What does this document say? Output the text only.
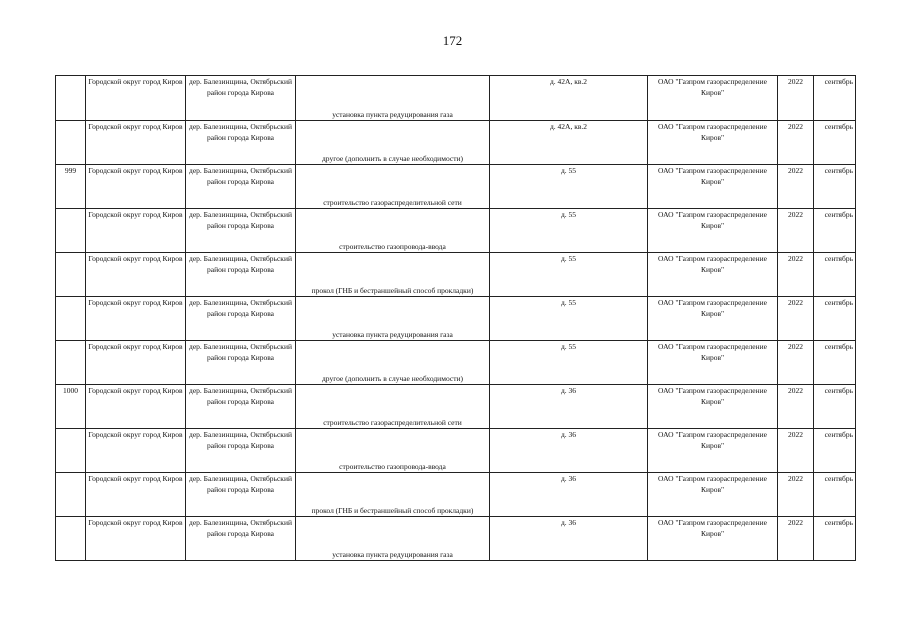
172
	Городской округ город Киров	дер. Балезинщина, Октябрьский район города Кирова	установка пункта редуцирования газа	д. 42А, кв.2	ОАО "Газпром газораспределение Киров"	2022	сентябрь
	Городской округ город Киров	дер. Балезинщина, Октябрьский район города Кирова	другое (дополнить в случае необходимости)	д. 42А, кв.2	ОАО "Газпром газораспределение Киров"	2022	сентябрь
999	Городской округ город Киров	дер. Балезинщина, Октябрьский район города Кирова	строительство газораспределительной сети	д. 55	ОАО "Газпром газораспределение Киров"	2022	сентябрь
	Городской округ город Киров	дер. Балезинщина, Октябрьский район города Кирова	строительство газопровода-ввода	д. 55	ОАО "Газпром газораспределение Киров"	2022	сентябрь
	Городской округ город Киров	дер. Балезинщина, Октябрьский район города Кирова	прокол (ГНБ и бестраншейный способ прокладки)	д. 55	ОАО "Газпром газораспределение Киров"	2022	сентябрь
	Городской округ город Киров	дер. Балезинщина, Октябрьский район города Кирова	установка пункта редуцирования газа	д. 55	ОАО "Газпром газораспределение Киров"	2022	сентябрь
	Городской округ город Киров	дер. Балезинщина, Октябрьский район города Кирова	другое (дополнить в случае необходимости)	д. 55	ОАО "Газпром газораспределение Киров"	2022	сентябрь
1000	Городской округ город Киров	дер. Балезинщина, Октябрьский район города Кирова	строительство газораспределительной сети	д. 36	ОАО "Газпром газораспределение Киров"	2022	сентябрь
	Городской округ город Киров	дер. Балезинщина, Октябрьский район города Кирова	строительство газопровода-ввода	д. 36	ОАО "Газпром газораспределение Киров"	2022	сентябрь
	Городской округ город Киров	дер. Балезинщина, Октябрьский район города Кирова	прокол (ГНБ и бестраншейный способ прокладки)	д. 36	ОАО "Газпром газораспределение Киров"	2022	сентябрь
	Городской округ город Киров	дер. Балезинщина, Октябрьский район города Кирова	установка пункта редуцирования газа	д. 36	ОАО "Газпром газораспределение Киров"	2022	сентябрь
